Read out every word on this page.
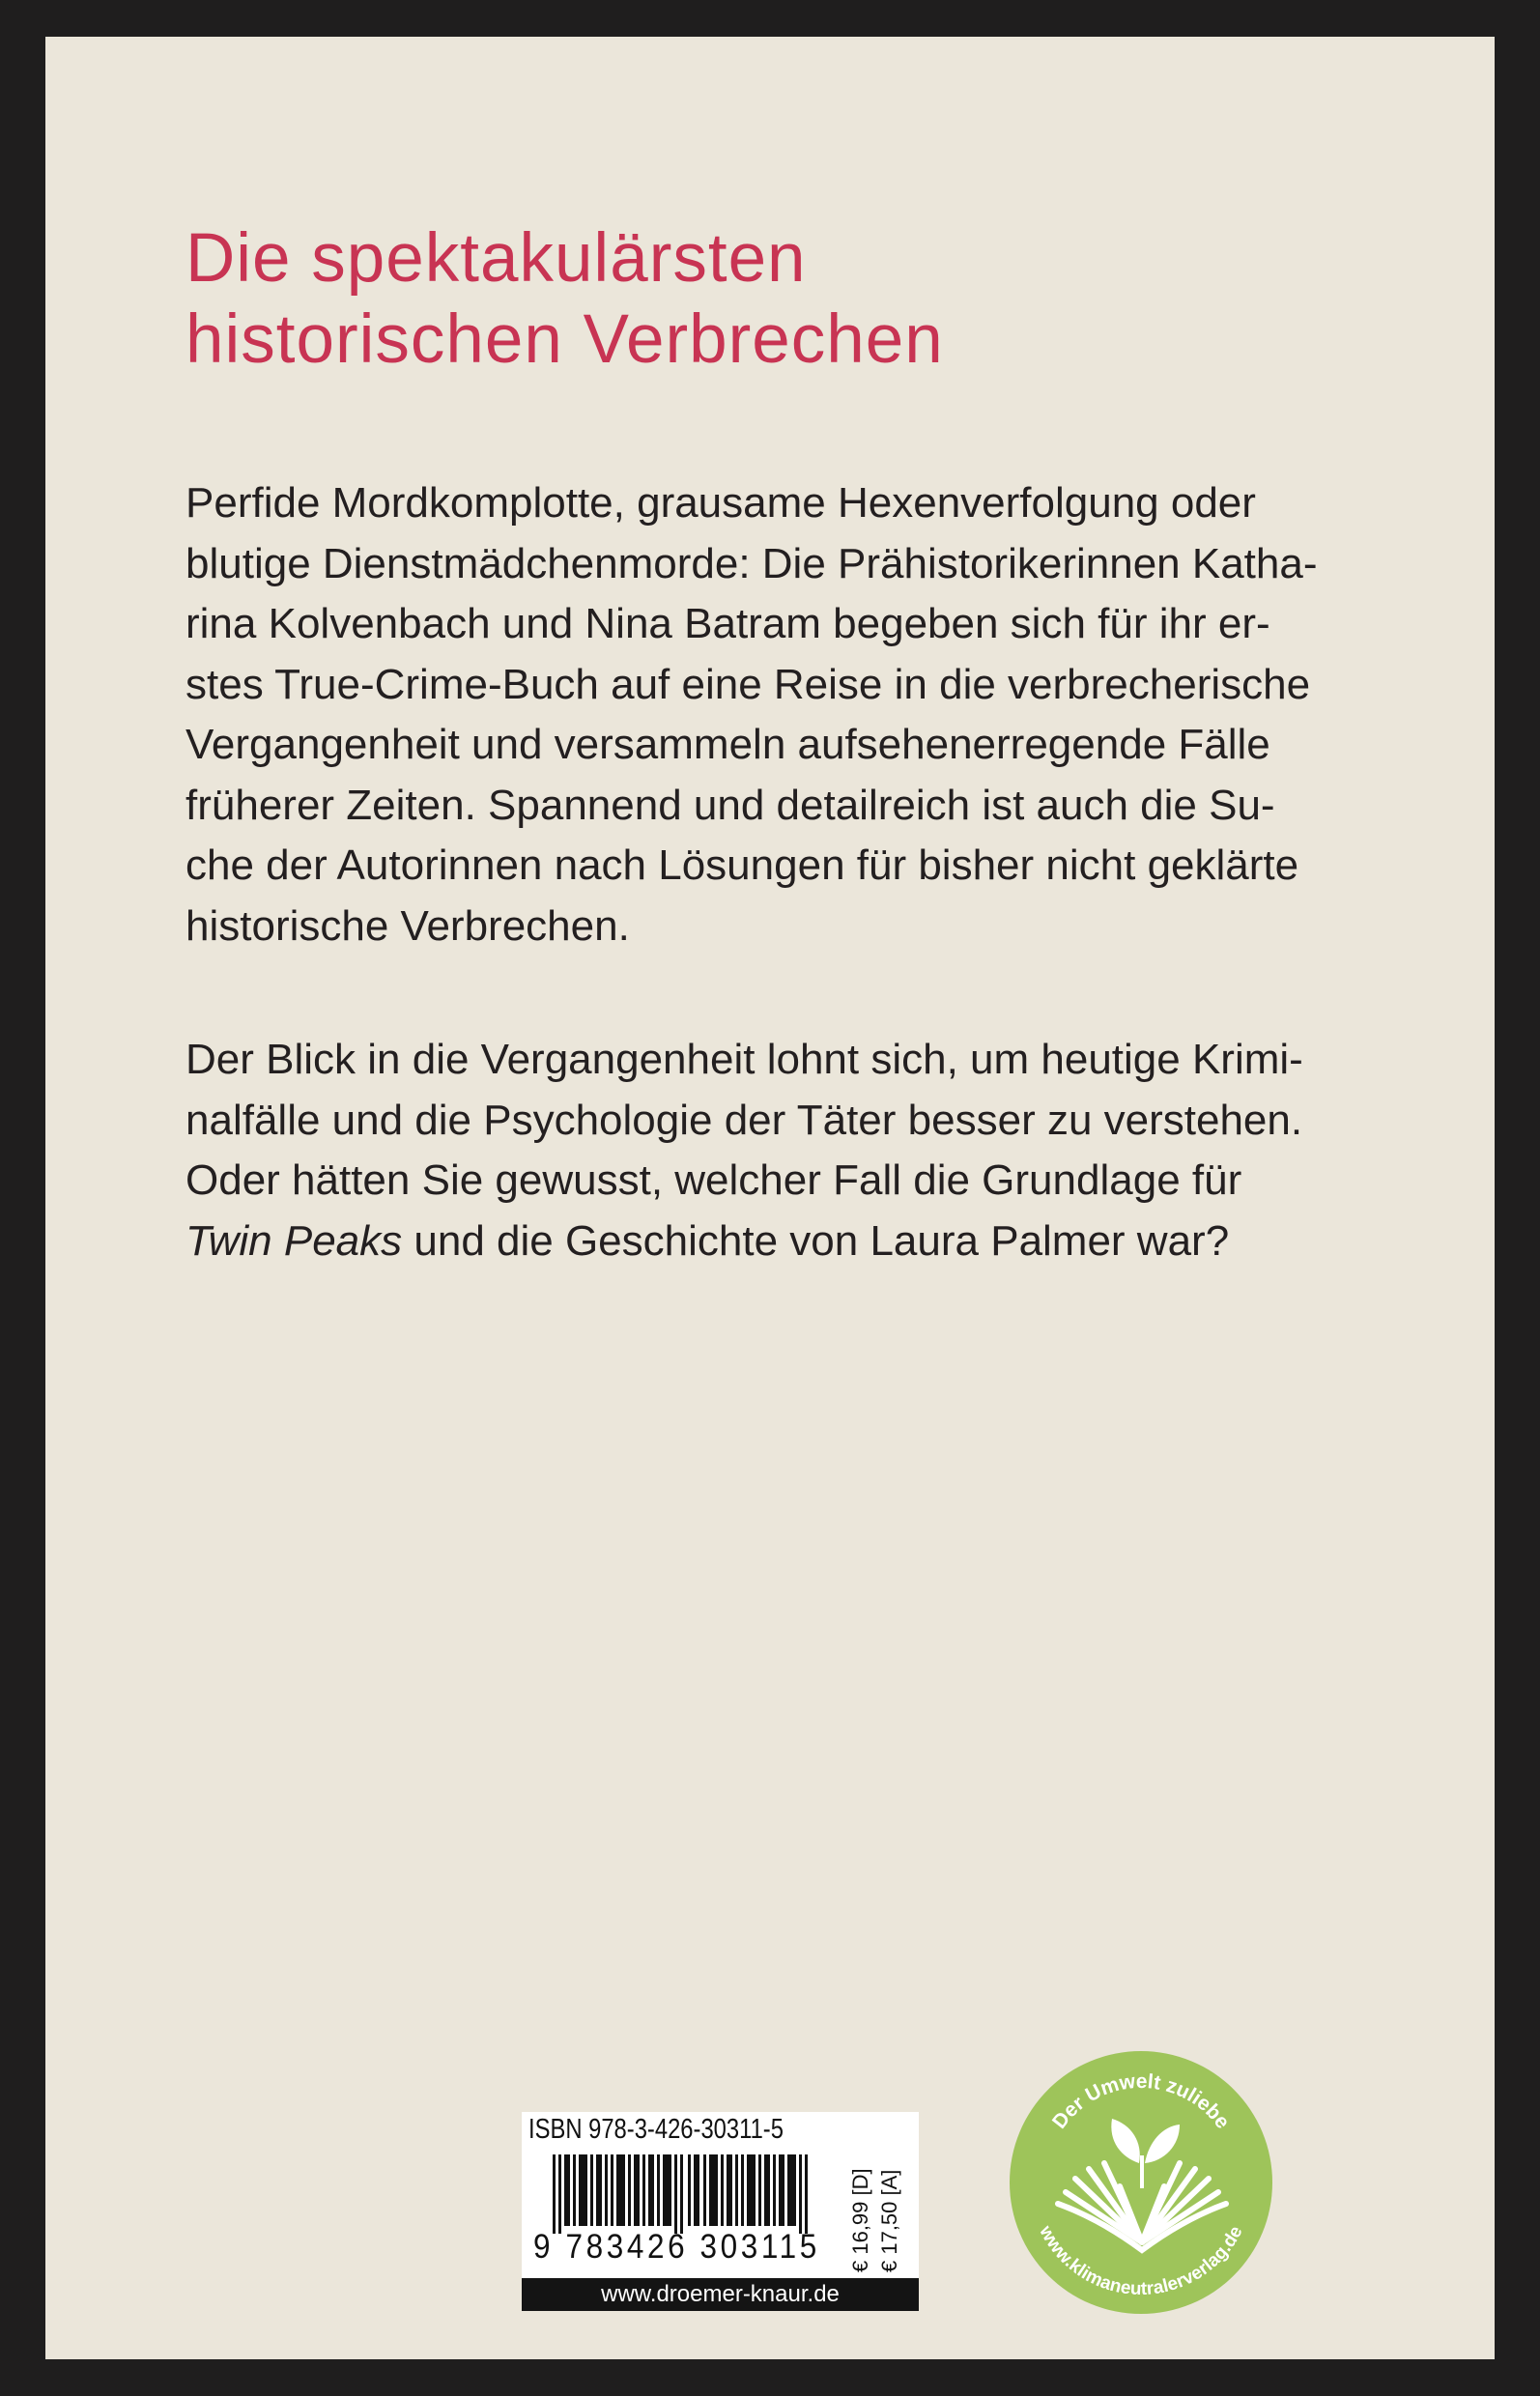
Die spektakulärsten
historischen Verbrechen
Perfide Mordkomplotte, grausame Hexenverfolgung oder
blutige Dienstmädchenmorde: Die Prähistorikerinnen Katha-
rina Kolvenbach und Nina Batram begeben sich für ihr er-
stes True-Crime-Buch auf eine Reise in die verbrecherische
Vergangenheit und versammeln aufsehenerregende Fälle
früherer Zeiten. Spannend und detailreich ist auch die Su-
che der Autorinnen nach Lösungen für bisher nicht geklärte
historische Verbrechen.
Der Blick in die Vergangenheit lohnt sich, um heutige Krimi-
nalfälle und die Psychologie der Täter besser zu verstehen.
Oder hätten Sie gewusst, welcher Fall die Grundlage für
Twin Peaks und die Geschichte von Laura Palmer war?
ISBN 978-3-426-30311-5
9 783426 303115 € 16,99 [D] € 17,50 [A]
www.droemer-knaur.de
Der Umwelt zuliebe
www.klimaneutralerverlag.de
